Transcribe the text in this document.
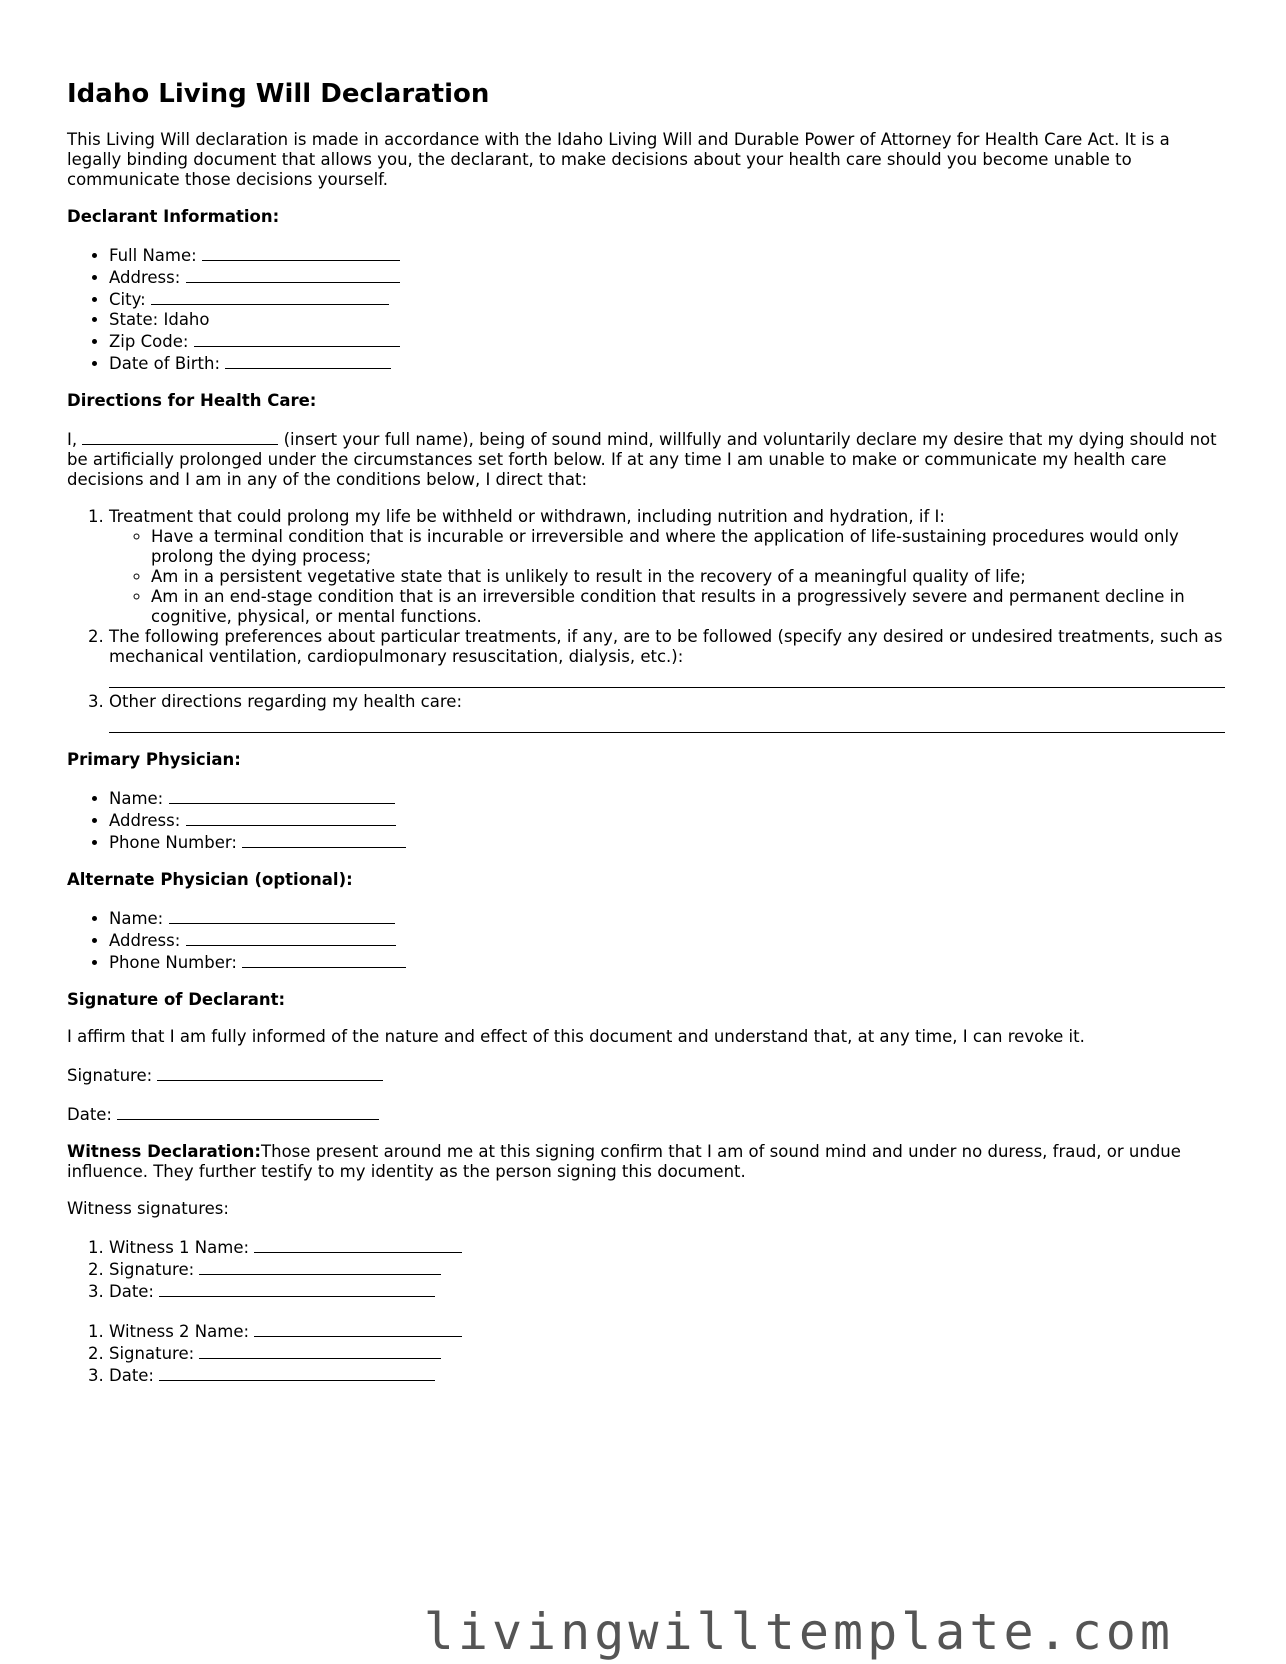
Idaho Living Will Declaration

This Living Will declaration is made in accordance with the Idaho Living Will and Durable Power of Attorney for Health Care Act. It is a legally binding document that allows you, the declarant, to make decisions about your health care should you become unable to communicate those decisions yourself.

Declarant Information:
• Full Name:
• Address:
• City:
• State: Idaho
• Zip Code:
• Date of Birth:
Directions for Health Care:

I,	(insert your full name), being of sound mind, willfully and voluntarily declare my desire that my dying should not be artificially prolonged under the circumstances set forth below. If at any time I am unable to make or communicate my health care decisions and I am in any of the conditions below, I direct that:

1. Treatment that could prolong my life be withheld or withdrawn, including nutrition and hydration, if I:
◦ Have a terminal condition that is incurable or irreversible and where the application of life-sustaining procedures would only prolong the dying process;
◦ Am in a persistent vegetative state that is unlikely to result in the recovery of a meaningful quality of life;
◦ Am in an end-stage condition that is an irreversible condition that results in a progressively severe and permanent decline in cognitive, physical, or mental functions.
2. The following preferences about particular treatments, if any, are to be followed (specify any desired or undesired treatments, such as mechanical ventilation, cardiopulmonary resuscitation, dialysis, etc.):
3. Other directions regarding my health care:
Primary Physician:
• Name:
• Address:
• Phone Number:
Alternate Physician (optional):
• Name:
• Address:
• Phone Number:
Signature of Declarant:

I affirm that I am fully informed of the nature and effect of this document and understand that, at any time, I can revoke it.

Signature:

Date:

Witness Declaration:Those present around me at this signing confirm that I am of sound mind and under no duress, fraud, or undue influence. They further testify to my identity as the person signing this document.

Witness signatures:

1. Witness 1 Name:
2. Signature:
3. Date:
1. Witness 2 Name:
2. Signature:
3. Date:
livingwilltemplate.com
